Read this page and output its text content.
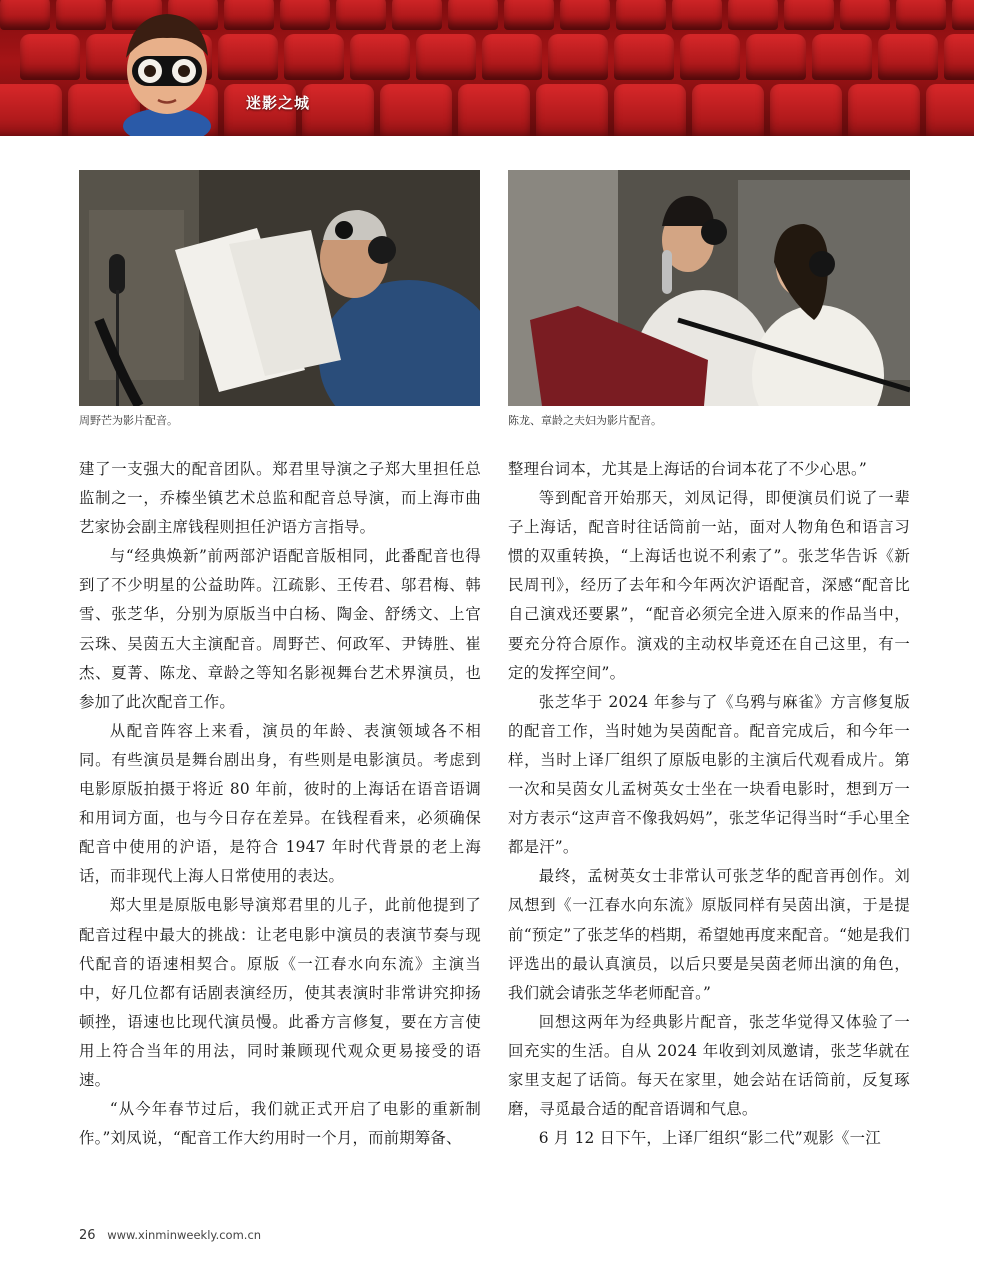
迷影之城
周野芒为影片配音。	陈龙、章龄之夫妇为影片配音。

建了一支强大的配音团队。郑君里导演之子郑大里担任总监制之一，乔榛坐镇艺术总监和配音总导演，而上海市曲艺家协会副主席钱程则担任沪语方言指导。

与“经典焕新”前两部沪语配音版相同，此番配音也得到了不少明星的公益助阵。江疏影、王传君、邬君梅、韩雪、张芝华，分别为原版当中白杨、陶金、舒绣文、上官云珠、吴茵五大主演配音。周野芒、何政军、尹铸胜、崔杰、夏菁、陈龙、章龄之等知名影视舞台艺术界演员，也参加了此次配音工作。

从配音阵容上来看，演员的年龄、表演领域各不相同。有些演员是舞台剧出身，有些则是电影演员。考虑到电影原版拍摄于将近 80 年前，彼时的上海话在语音语调和用词方面，也与今日存在差异。在钱程看来，必须确保配音中使用的沪语，是符合 1947 年时代背景的老上海话，而非现代上海人日常使用的表达。

郑大里是原版电影导演郑君里的儿子，此前他提到了配音过程中最大的挑战：让老电影中演员的表演节奏与现代配音的语速相契合。原版《一江春水向东流》主演当中，好几位都有话剧表演经历，使其表演时非常讲究抑扬顿挫，语速也比现代演员慢。此番方言修复，要在方言使用上符合当年的用法，同时兼顾现代观众更易接受的语速。

“从今年春节过后，我们就正式开启了电影的重新制作。”刘凤说，“配音工作大约用时一个月，而前期筹备、

整理台词本，尤其是上海话的台词本花了不少心思。”

等到配音开始那天，刘凤记得，即便演员们说了一辈子上海话，配音时往话筒前一站，面对人物角色和语言习惯的双重转换，“上海话也说不利索了”。张芝华告诉《新民周刊》，经历了去年和今年两次沪语配音，深感“配音比自己演戏还要累”，“配音必须完全进入原来的作品当中，要充分符合原作。演戏的主动权毕竟还在自己这里，有一定的发挥空间”。

张芝华于 2024 年参与了《乌鸦与麻雀》方言修复版的配音工作，当时她为吴茵配音。配音完成后，和今年一样，当时上译厂组织了原版电影的主演后代观看成片。第一次和吴茵女儿孟树英女士坐在一块看电影时，想到万一对方表示“这声音不像我妈妈”，张芝华记得当时“手心里全都是汗”。

最终，孟树英女士非常认可张芝华的配音再创作。刘凤想到《一江春水向东流》原版同样有吴茵出演，于是提前“预定”了张芝华的档期，希望她再度来配音。“她是我们评选出的最认真演员，以后只要是吴茵老师出演的角色，我们就会请张芝华老师配音。”

回想这两年为经典影片配音，张芝华觉得又体验了一回充实的生活。自从 2024 年收到刘凤邀请，张芝华就在家里支起了话筒。每天在家里，她会站在话筒前，反复琢磨，寻觅最合适的配音语调和气息。

6 月 12 日下午，上译厂组织“影二代”观影《一江

26 www.xinminweekly.com.cn
